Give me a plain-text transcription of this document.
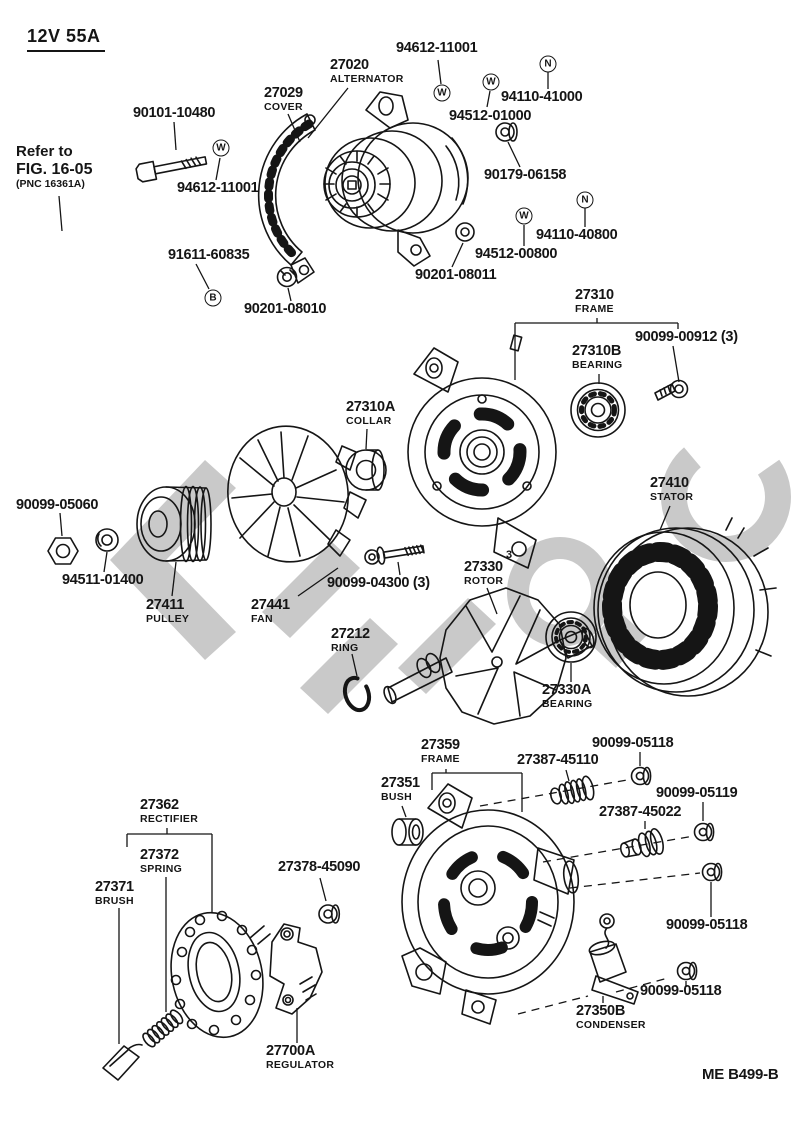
12V 55A
Refer to
FIG. 16-05
(PNC 16361A)
94612-11001
27020
ALTERNATOR
27029
COVER
90101-10480
94110-41000
94512-01000
94612-11001
90179-06158
94110-40800
91611-60835	94512-00800
90201-08011
90201-08010
27310
FRAME
90099-00912 (3)
27310B
BEARING
27310A
COLLAR
27410
STATOR
90099-05060
94511-01400
27411
PULLEY
27441
FAN
90099-04300 (3)
27330
ROTOR
27212
RING
27330A
BEARING
27359
FRAME
90099-05118
27387-45110
27351
BUSH	90099-05119
27387-45022
27362
RECTIFIER
27372
SPRING
27371
BRUSH
27378-45090
90099-05118
90099-05118
27350B
CONDENSER
27700A
REGULATOR
W
W
W
W
N
N
B
3
ME B499-B
